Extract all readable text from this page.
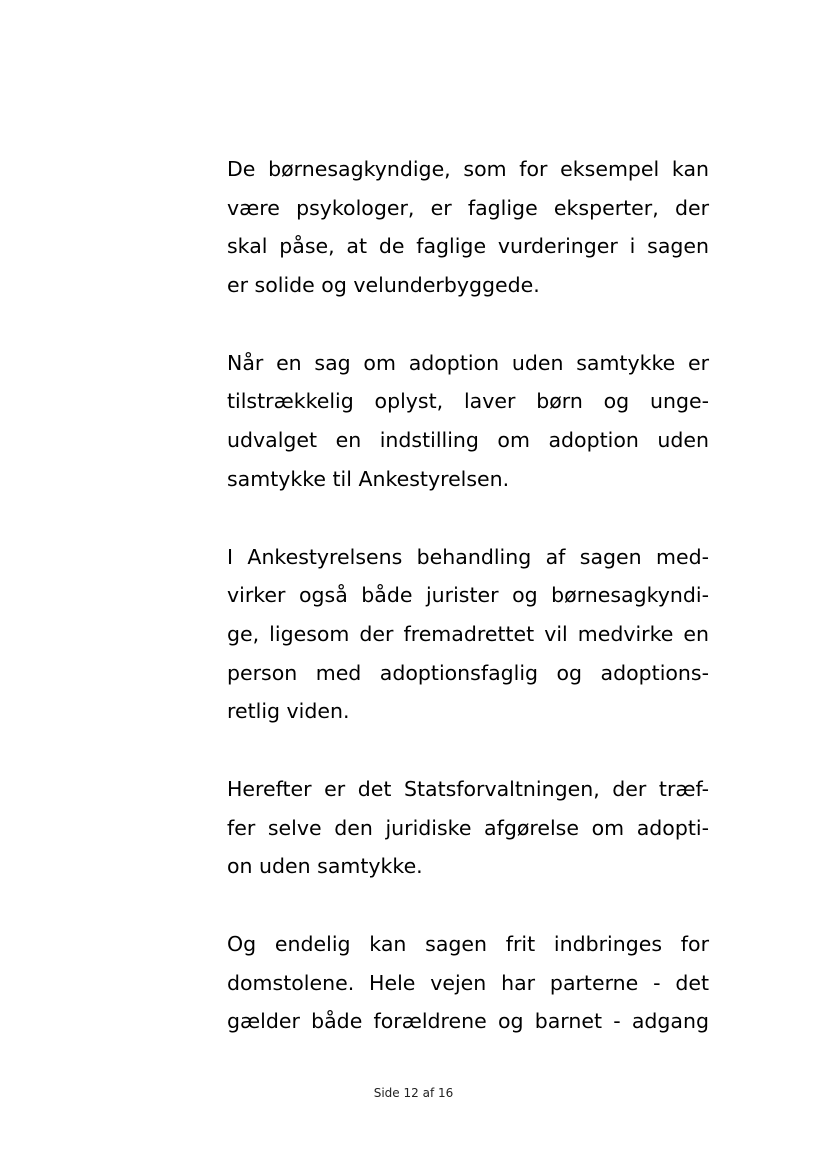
De børnesagkyndige, som for eksempel kan
være psykologer, er faglige eksperter, der
skal påse, at de faglige vurderinger i sagen
er solide og velunderbyggede.

Når en sag om adoption uden samtykke er
tilstrækkelig oplyst, laver børn og unge-
udvalget en indstilling om adoption uden
samtykke til Ankestyrelsen.

I Ankestyrelsens behandling af sagen med-
virker også både jurister og børnesagkyndi-
ge, ligesom der fremadrettet vil medvirke en
person med adoptionsfaglig og adoptions-
retlig viden.

Herefter er det Statsforvaltningen, der træf-
fer selve den juridiske afgørelse om adopti-
on uden samtykke.

Og endelig kan sagen frit indbringes for
domstolene. Hele vejen har parterne - det
gælder både forældrene og barnet - adgang

Side 12 af 16
